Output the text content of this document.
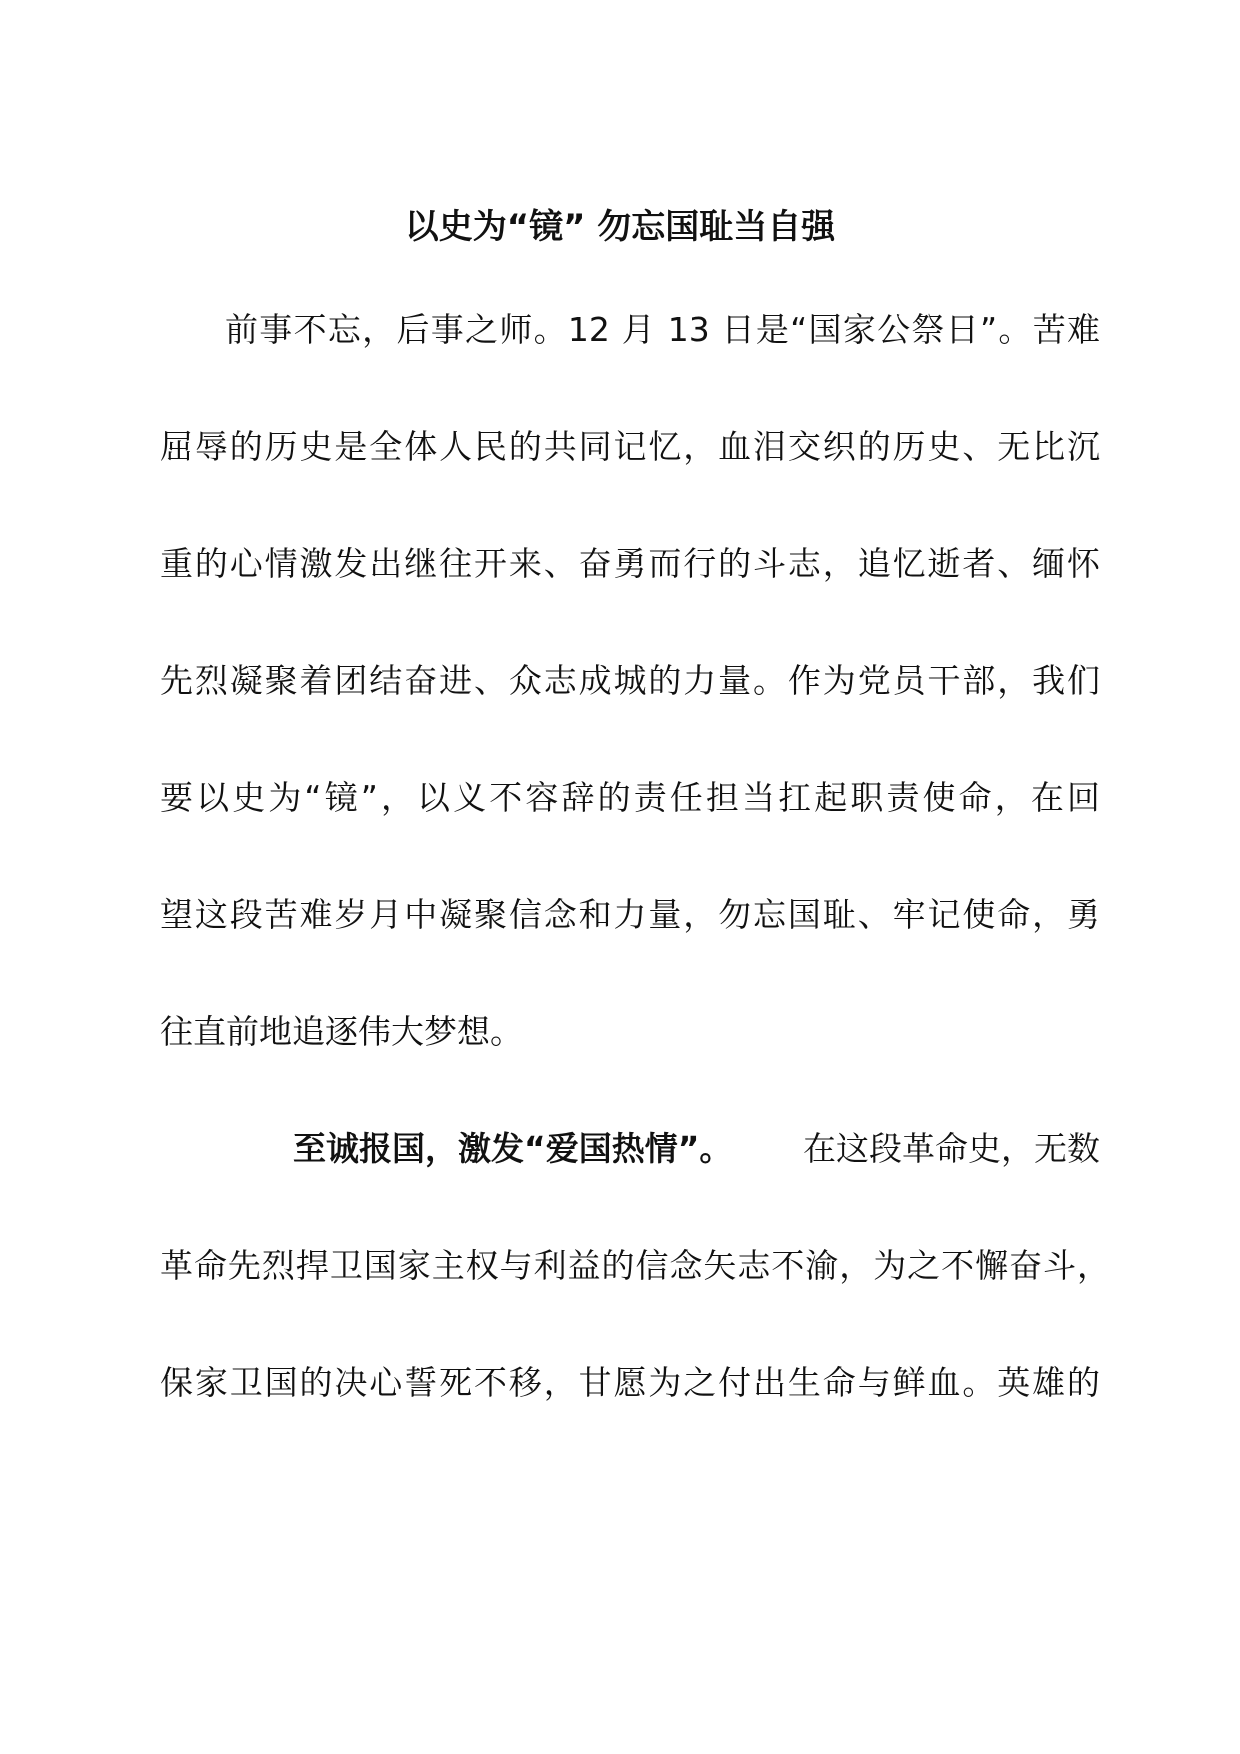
以史为“镜” 勿忘国耻当自强

前事不忘，后事之师。12 月 13 日是“国家公祭日”。苦难

屈辱的历史是全体人民的共同记忆，血泪交织的历史、无比沉

重的心情激发出继往开来、奋勇而行的斗志，追忆逝者、缅怀

先烈凝聚着团结奋进、众志成城的力量。作为党员干部，我们

要以史为“镜”，以义不容辞的责任担当扛起职责使命，在回

望这段苦难岁月中凝聚信念和力量，勿忘国耻、牢记使命，勇

往直前地追逐伟大梦想。

至诚报国，激发“爱国热情”。 在这段革命史，无数

革命先烈捍卫国家主权与利益的信念矢志不渝，为之不懈奋斗，

保家卫国的决心誓死不移，甘愿为之付出生命与鲜血。英雄的
